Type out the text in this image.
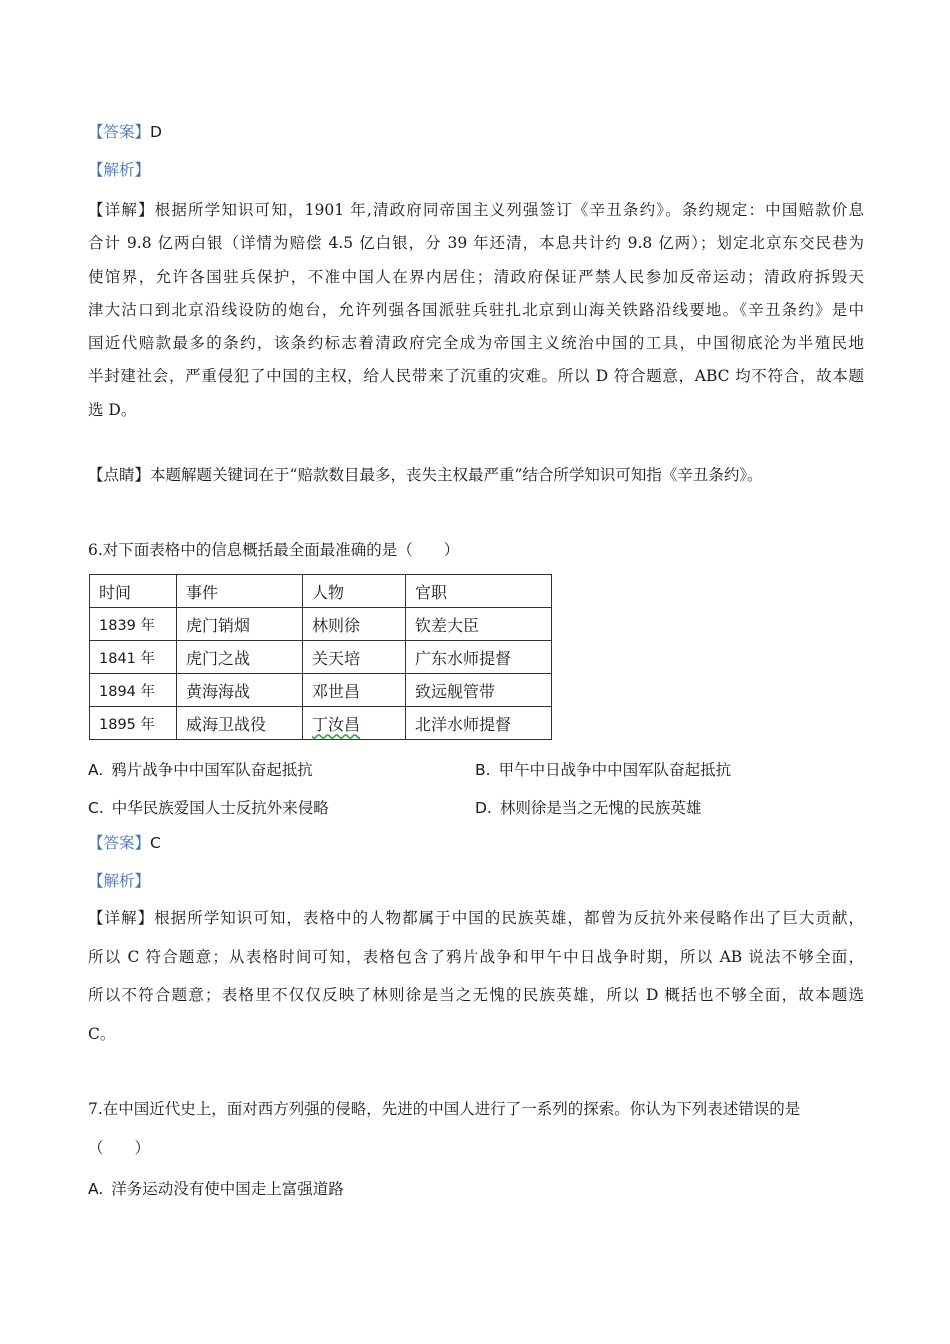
【答案】D
【解析】
【详解】根据所学知识可知，1901 年,清政府同帝国主义列强签订《辛丑条约》。条约规定：中国赔款价息
合计 9.8 亿两白银（详情为赔偿 4.5 亿白银，分 39 年还清，本息共计约 9.8 亿两）；划定北京东交民巷为
使馆界，允许各国驻兵保护，不准中国人在界内居住；清政府保证严禁人民参加反帝运动；清政府拆毁天
津大沽口到北京沿线设防的炮台，允许列强各国派驻兵驻扎北京到山海关铁路沿线要地。《辛丑条约》是中
国近代赔款最多的条约，该条约标志着清政府完全成为帝国主义统治中国的工具，中国彻底沦为半殖民地
半封建社会，严重侵犯了中国的主权，给人民带来了沉重的灾难。所以 D 符合题意，ABC 均不符合，故本题
选 D。
【点睛】本题解题关键词在于“赔款数目最多，丧失主权最严重”结合所学知识可知指《辛丑条约》。
6.对下面表格中的信息概括最全面最准确的是（　　）
时间	事件	人物	官职
1839 年	虎门销烟	林则徐	钦差大臣
1841 年	虎门之战	关天培	广东水师提督
1894 年	黄海海战	邓世昌	致远舰管带
1895 年	威海卫战役	丁汝昌	北洋水师提督
A. 鸦片战争中中国军队奋起抵抗	B. 甲午中日战争中中国军队奋起抵抗
C. 中华民族爱国人士反抗外来侵略	D. 林则徐是当之无愧的民族英雄
【答案】C
【解析】
【详解】根据所学知识可知，表格中的人物都属于中国的民族英雄，都曾为反抗外来侵略作出了巨大贡献，
所以 C 符合题意；从表格时间可知，表格包含了鸦片战争和甲午中日战争时期，所以 AB 说法不够全面，
所以不符合题意；表格里不仅仅反映了林则徐是当之无愧的民族英雄，所以 D 概括也不够全面，故本题选
C。
7.在中国近代史上，面对西方列强的侵略，先进的中国人进行了一系列的探索。你认为下列表述错误的是
（　　）
A. 洋务运动没有使中国走上富强道路
